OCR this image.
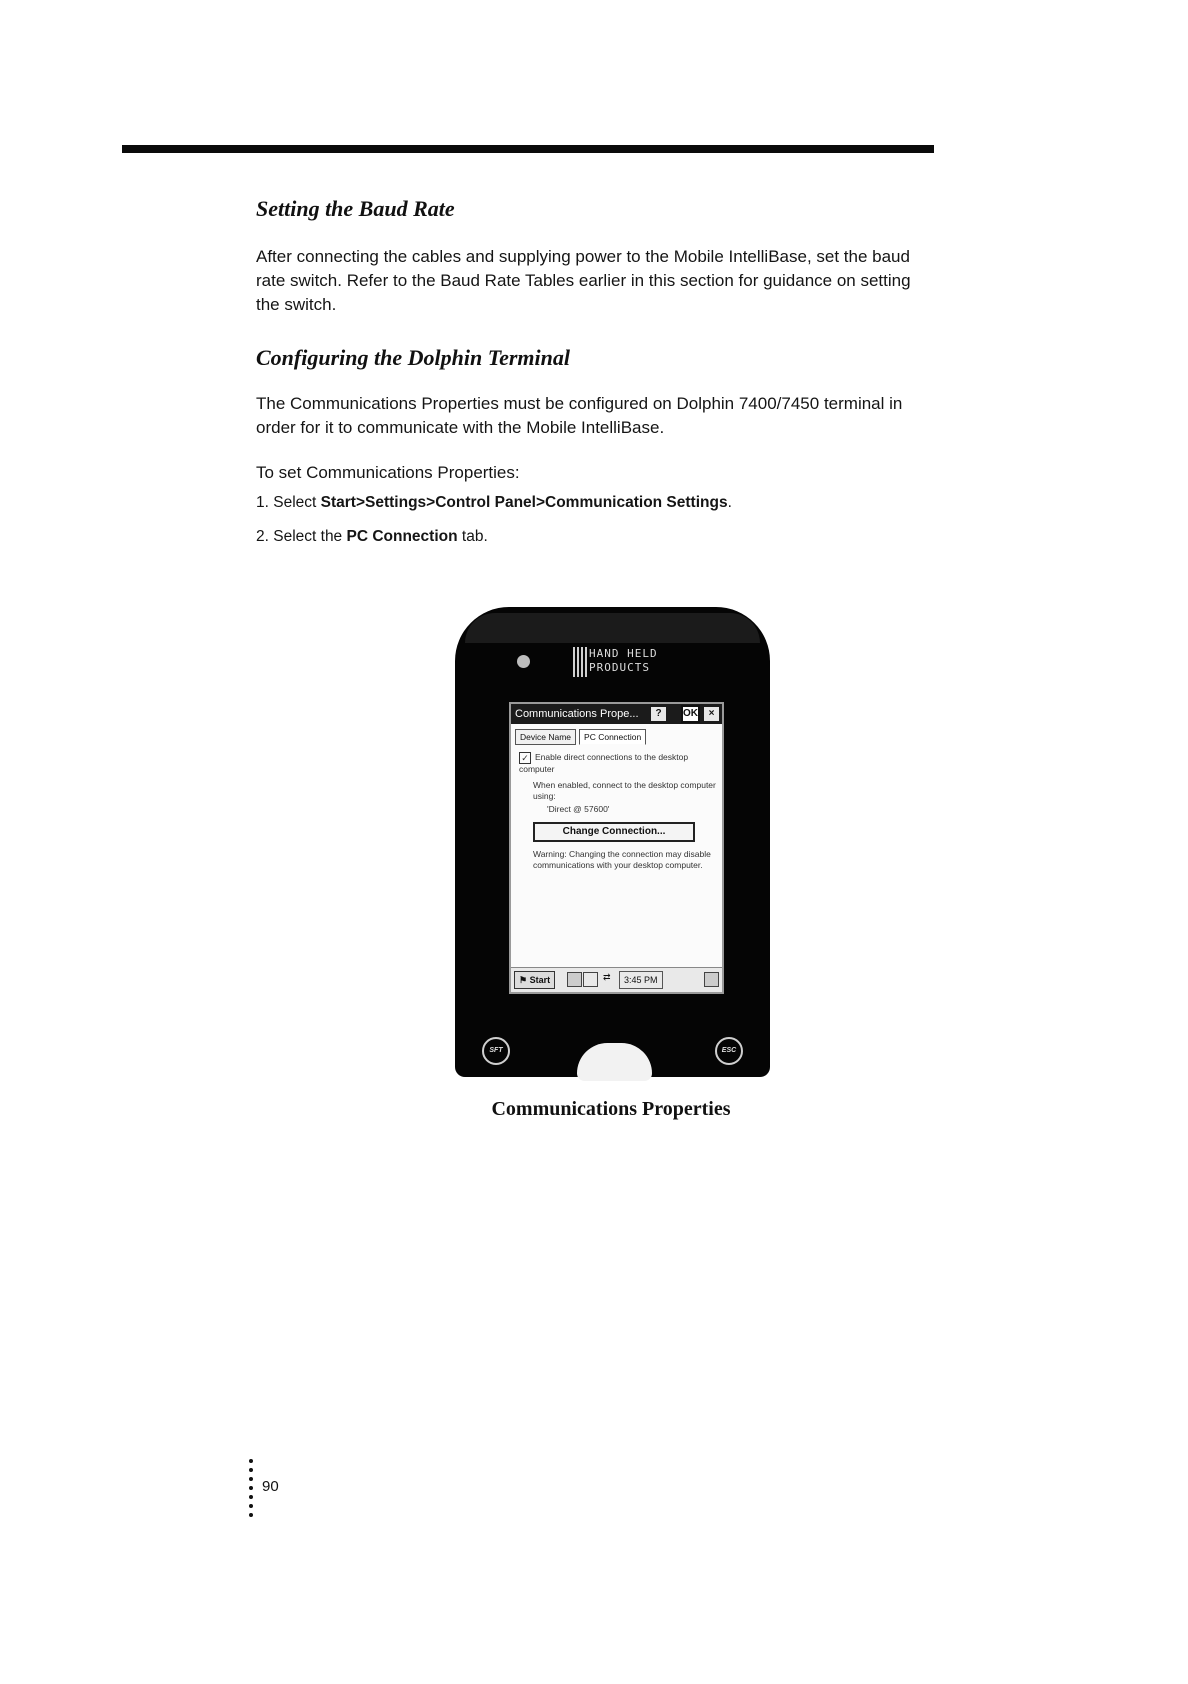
Setting the Baud Rate

After connecting the cables and supplying power to the Mobile IntelliBase, set the baud rate switch. Refer to the Baud Rate Tables earlier in this section for guidance on setting the switch.

Configuring the Dolphin Terminal

The Communications Properties must be configured on Dolphin 7400/7450 terminal in order for it to communicate with the Mobile IntelliBase.

To set Communications Properties:

1. Select Start>Settings>Control Panel>Communication Settings.

2. Select the PC Connection tab.

HAND HELD
PRODUCTS
Communications Prope...	?	OK	×
Device Name	PC Connection
✓ Enable direct connections to the desktop computer
When enabled, connect to the desktop computer using:
'Direct @ 57600'
Change Connection...
Warning: Changing the connection may disable communications with your desktop computer.
⚑ Start	⇄	3:45 PM
SFT	ESC

Communications Properties

90
